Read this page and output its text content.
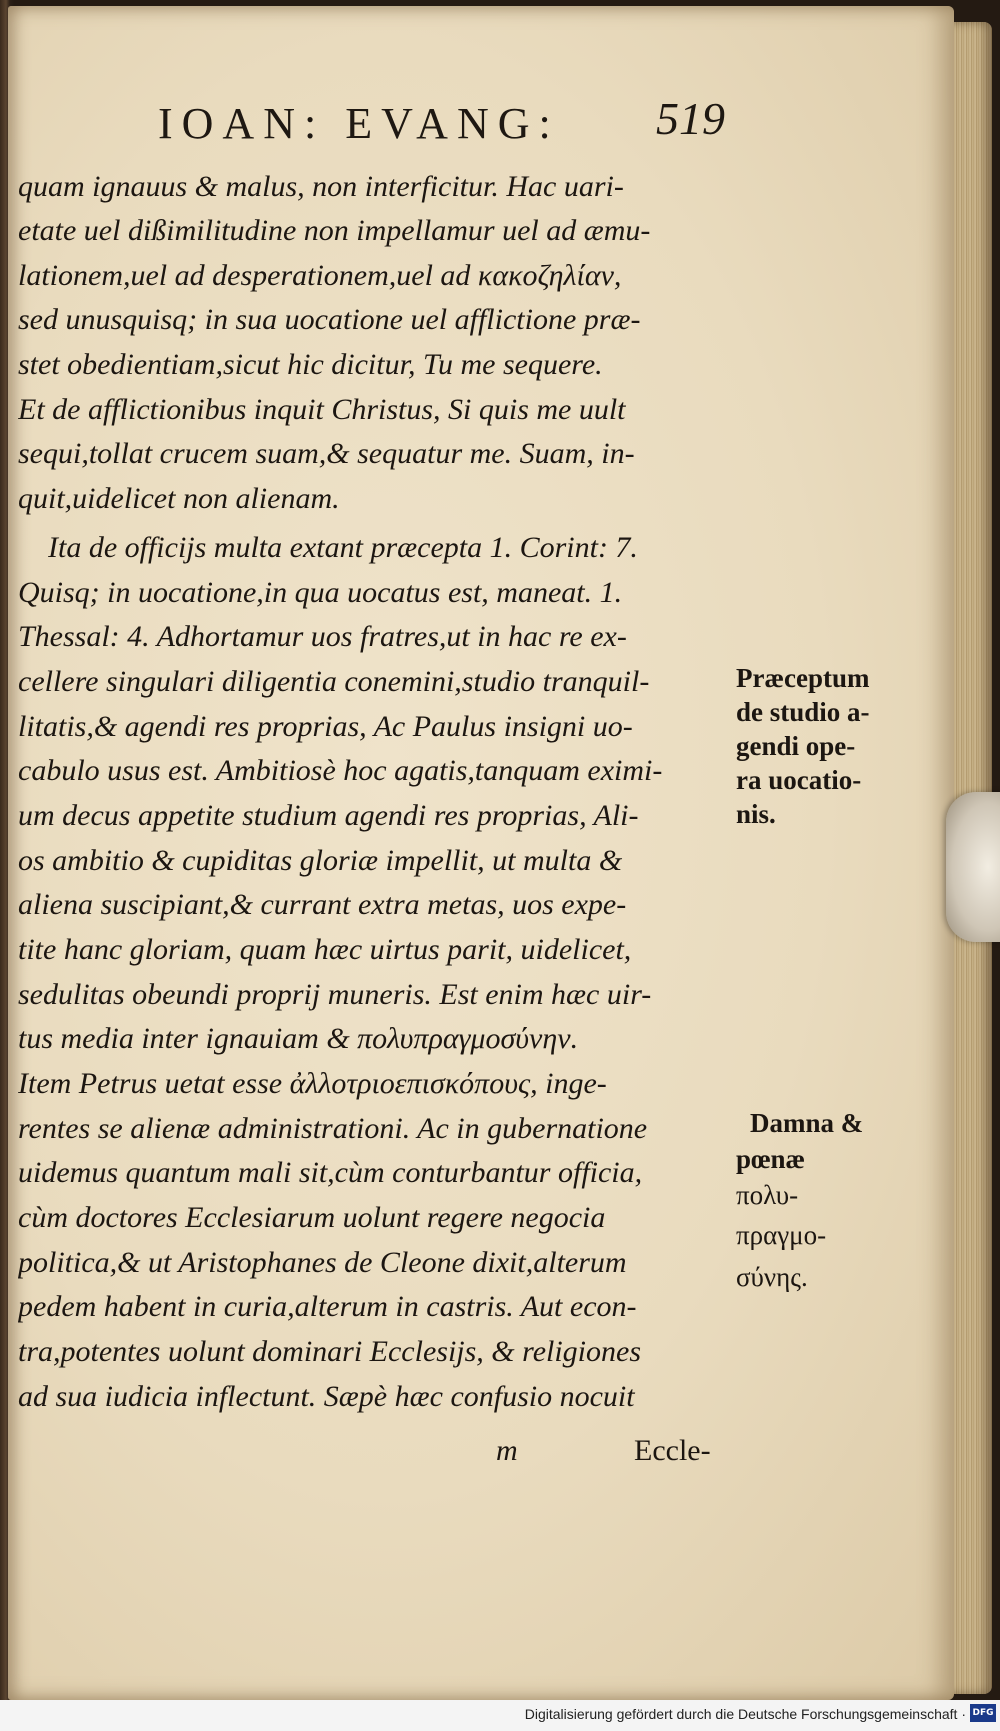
IOAN: EVANG:	519
quam ignauus & malus, non interficitur. Hac uari-
etate uel dißimilitudine non impellamur uel ad æmu-
lationem,uel ad desperationem,uel ad κακοζηλίαν,
sed unusquisq; in sua uocatione uel afflictione præ-
stet obedientiam,sicut hic dicitur, Tu me sequere.
Et de afflictionibus inquit Christus, Si quis me uult
sequi,tollat crucem suam,& sequatur me. Suam, in-
quit,uidelicet non alienam.
Ita de officijs multa extant præcepta 1. Corint: 7.
Quisq; in uocatione,in qua uocatus est, maneat. 1.
Thessal: 4. Adhortamur uos fratres,ut in hac re ex-
cellere singulari diligentia conemini,studio tranquil-
litatis,& agendi res proprias, Ac Paulus insigni uo-
cabulo usus est. Ambitiosè hoc agatis,tanquam eximi-
um decus appetite studium agendi res proprias, Ali-
os ambitio & cupiditas gloriæ impellit, ut multa &
aliena suscipiant,& currant extra metas, uos expe-
tite hanc gloriam, quam hæc uirtus parit, uidelicet,
sedulitas obeundi proprij muneris. Est enim hæc uir-
tus media inter ignauiam & πολυπραγμοσύνην.
Item Petrus uetat esse ἀλλοτριοεπισκόπους, inge-
rentes se alienæ administrationi. Ac in gubernatione
uidemus quantum mali sit,cùm conturbantur officia,
cùm doctores Ecclesiarum uolunt regere negocia
politica,& ut Aristophanes de Cleone dixit,alterum
pedem habent in curia,alterum in castris. Aut econ-
tra,potentes uolunt dominari Ecclesijs, & religiones
ad sua iudicia inflectunt. Sæpè hæc confusio nocuit
m	Eccle-
Præceptum
de studio a-
gendi ope-
ra uocatio-
nis.
Damna &
pœnæ
πολυ-
πραγμο-
σύνης.
Digitalisierung gefördert durch die Deutsche Forschungsgemeinschaft · DFG
